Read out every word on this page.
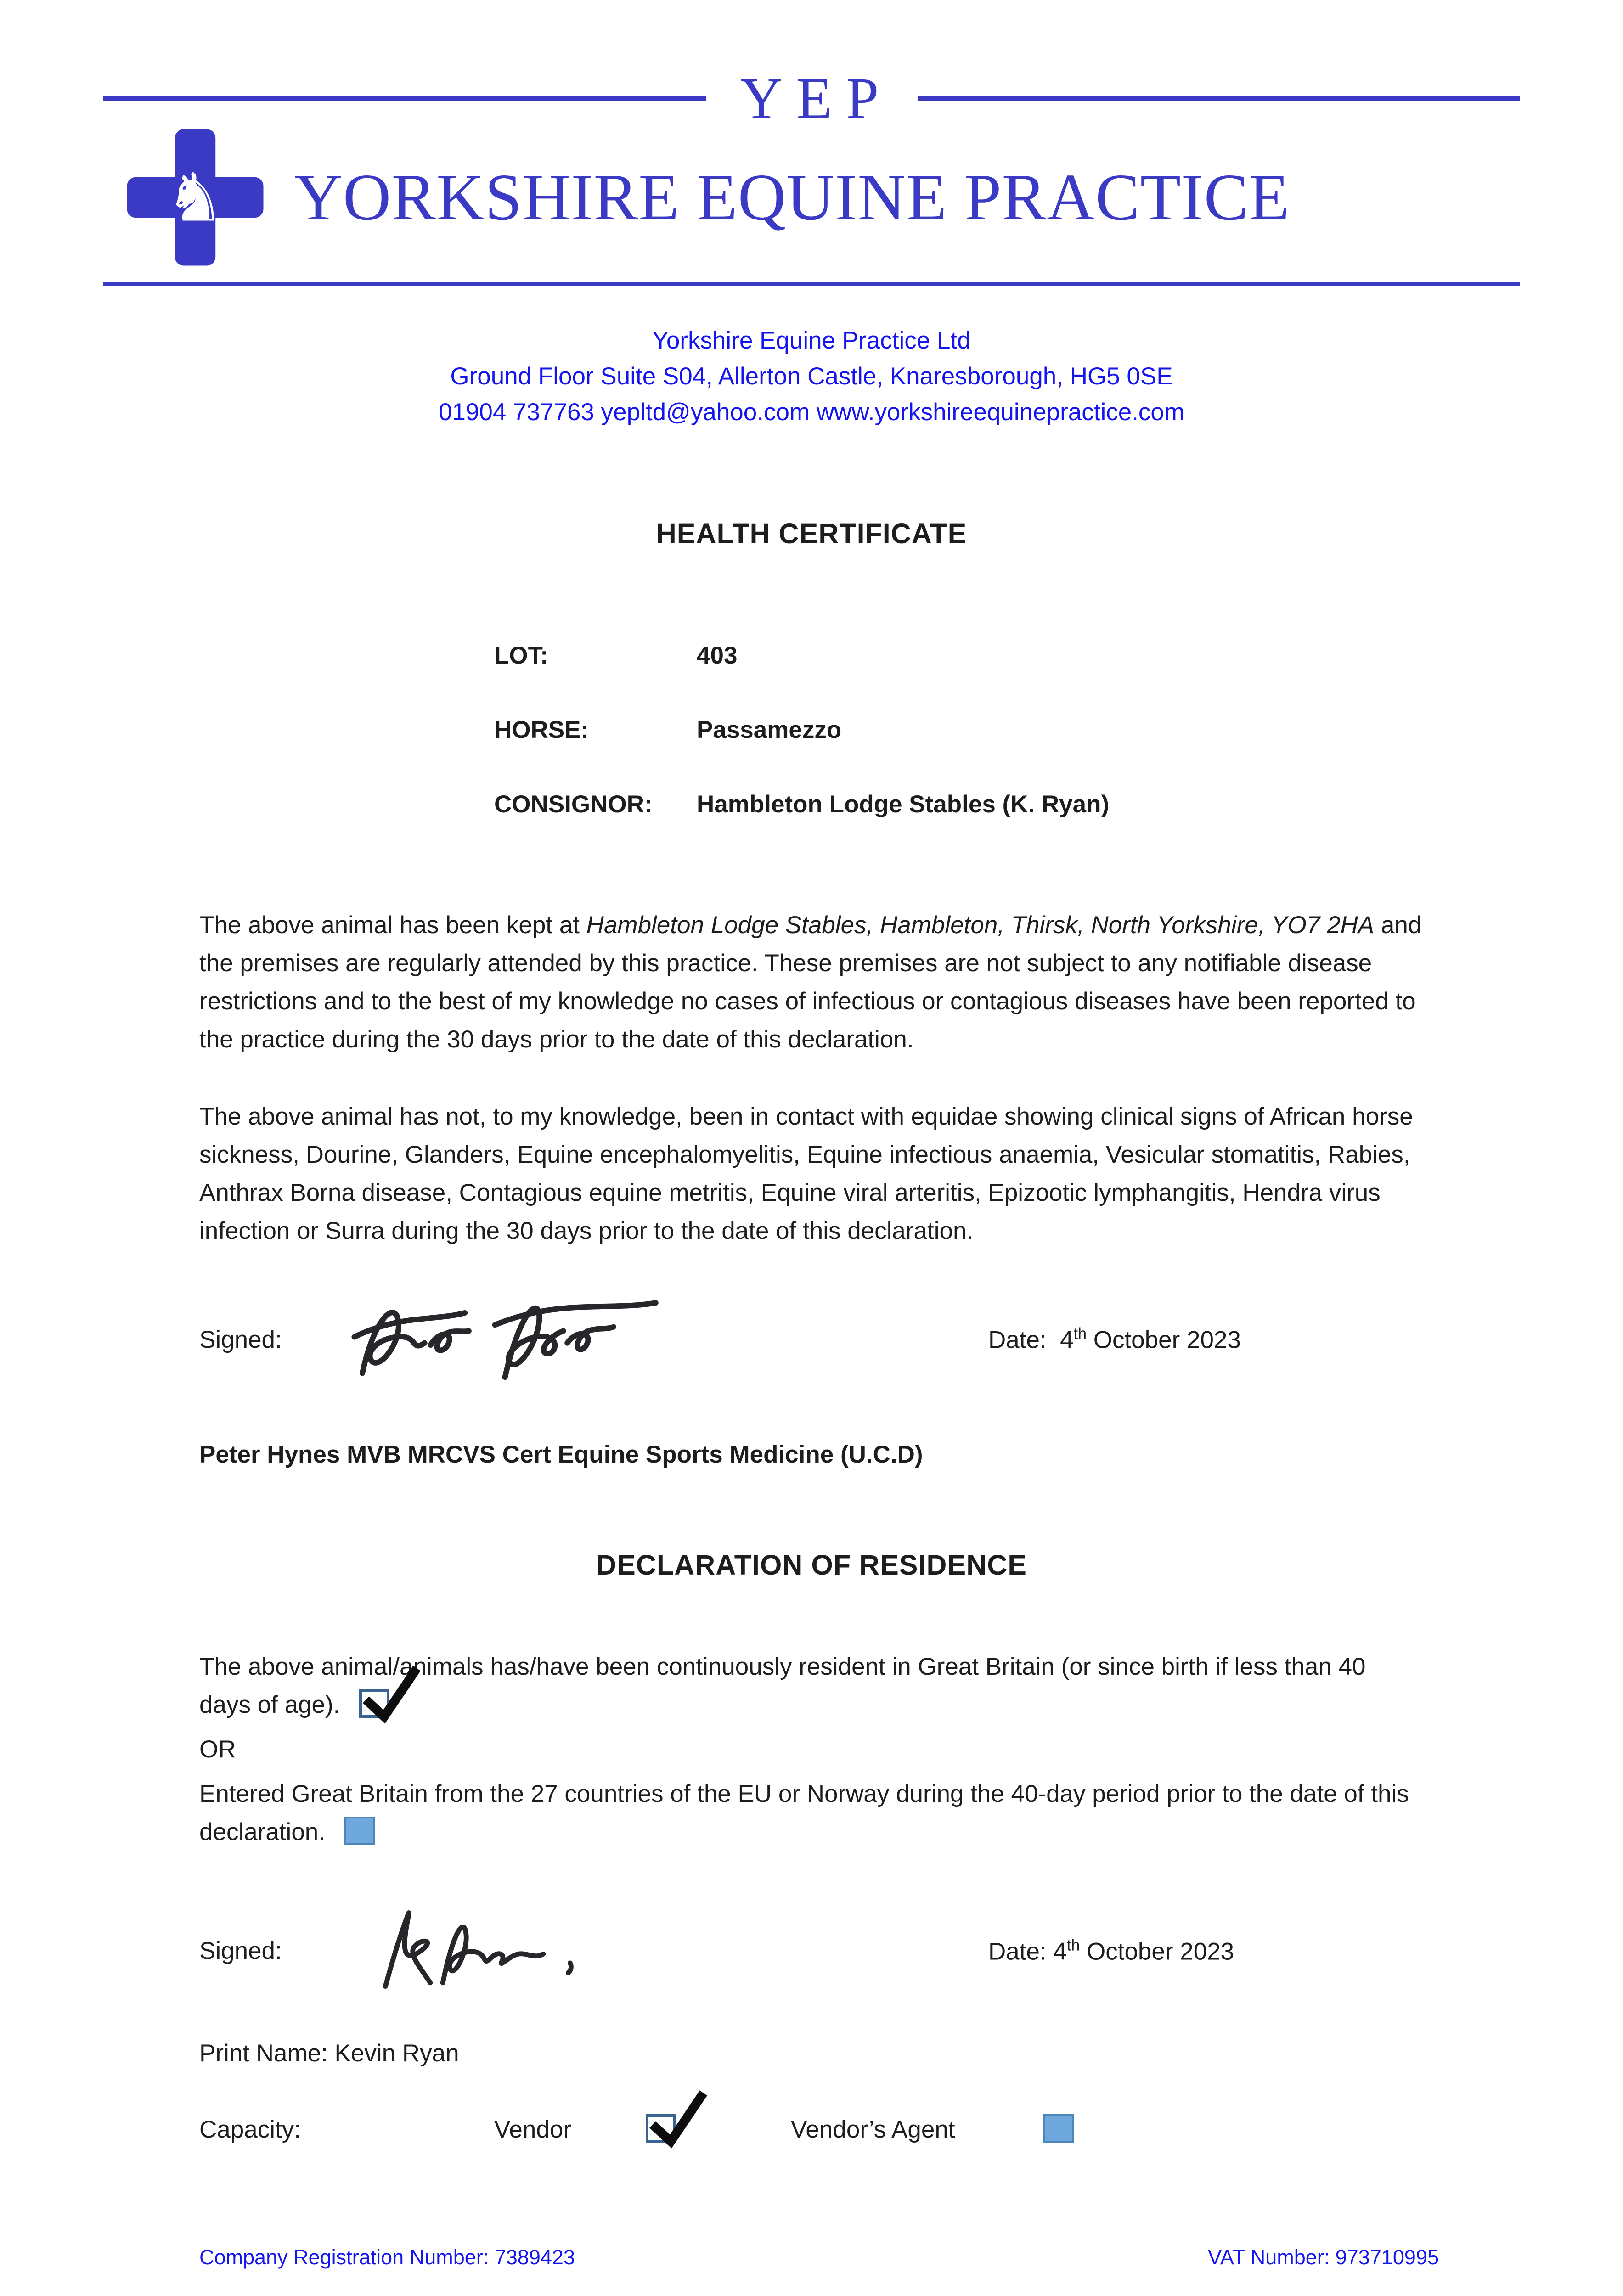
YEP
♞ YORKSHIRE EQUINE PRACTICE
Yorkshire Equine Practice Ltd
Ground Floor Suite S04, Allerton Castle, Knaresborough, HG5 0SE
01904 737763 yepltd@yahoo.com www.yorkshireequinepractice.com
HEALTH CERTIFICATE
LOT:	403
HORSE:	Passamezzo
CONSIGNOR:	Hambleton Lodge Stables (K. Ryan)

The above animal has been kept at Hambleton Lodge Stables, Hambleton, Thirsk, North Yorkshire, YO7 2HA and the premises are regularly attended by this practice. These premises are not subject to any notifiable disease restrictions and to the best of my knowledge no cases of infectious or contagious diseases have been reported to the practice during the 30 days prior to the date of this declaration.

The above animal has not, to my knowledge, been in contact with equidae showing clinical signs of African horse sickness, Dourine, Glanders, Equine encephalomyelitis, Equine infectious anaemia, Vesicular stomatitis, Rabies, Anthrax Borna disease, Contagious equine metritis, Equine viral arteritis, Epizootic lymphangitis, Hendra virus infection or Surra during the 30 days prior to the date of this declaration.

Signed:	Date: 4th October 2023
Peter Hynes MVB MRCVS Cert Equine Sports Medicine (U.C.D)
DECLARATION OF RESIDENCE

The above animal/animals has/have been continuously resident in Great Britain (or since birth if less than 40 days of age).

OR

Entered Great Britain from the 27 countries of the EU or Norway during the 40-day period prior to the date of this declaration.

Signed:	Date: 4th October 2023
Print Name: Kevin Ryan
Capacity:	Vendor	Vendor’s Agent
Company Registration Number: 7389423	VAT Number: 973710995
